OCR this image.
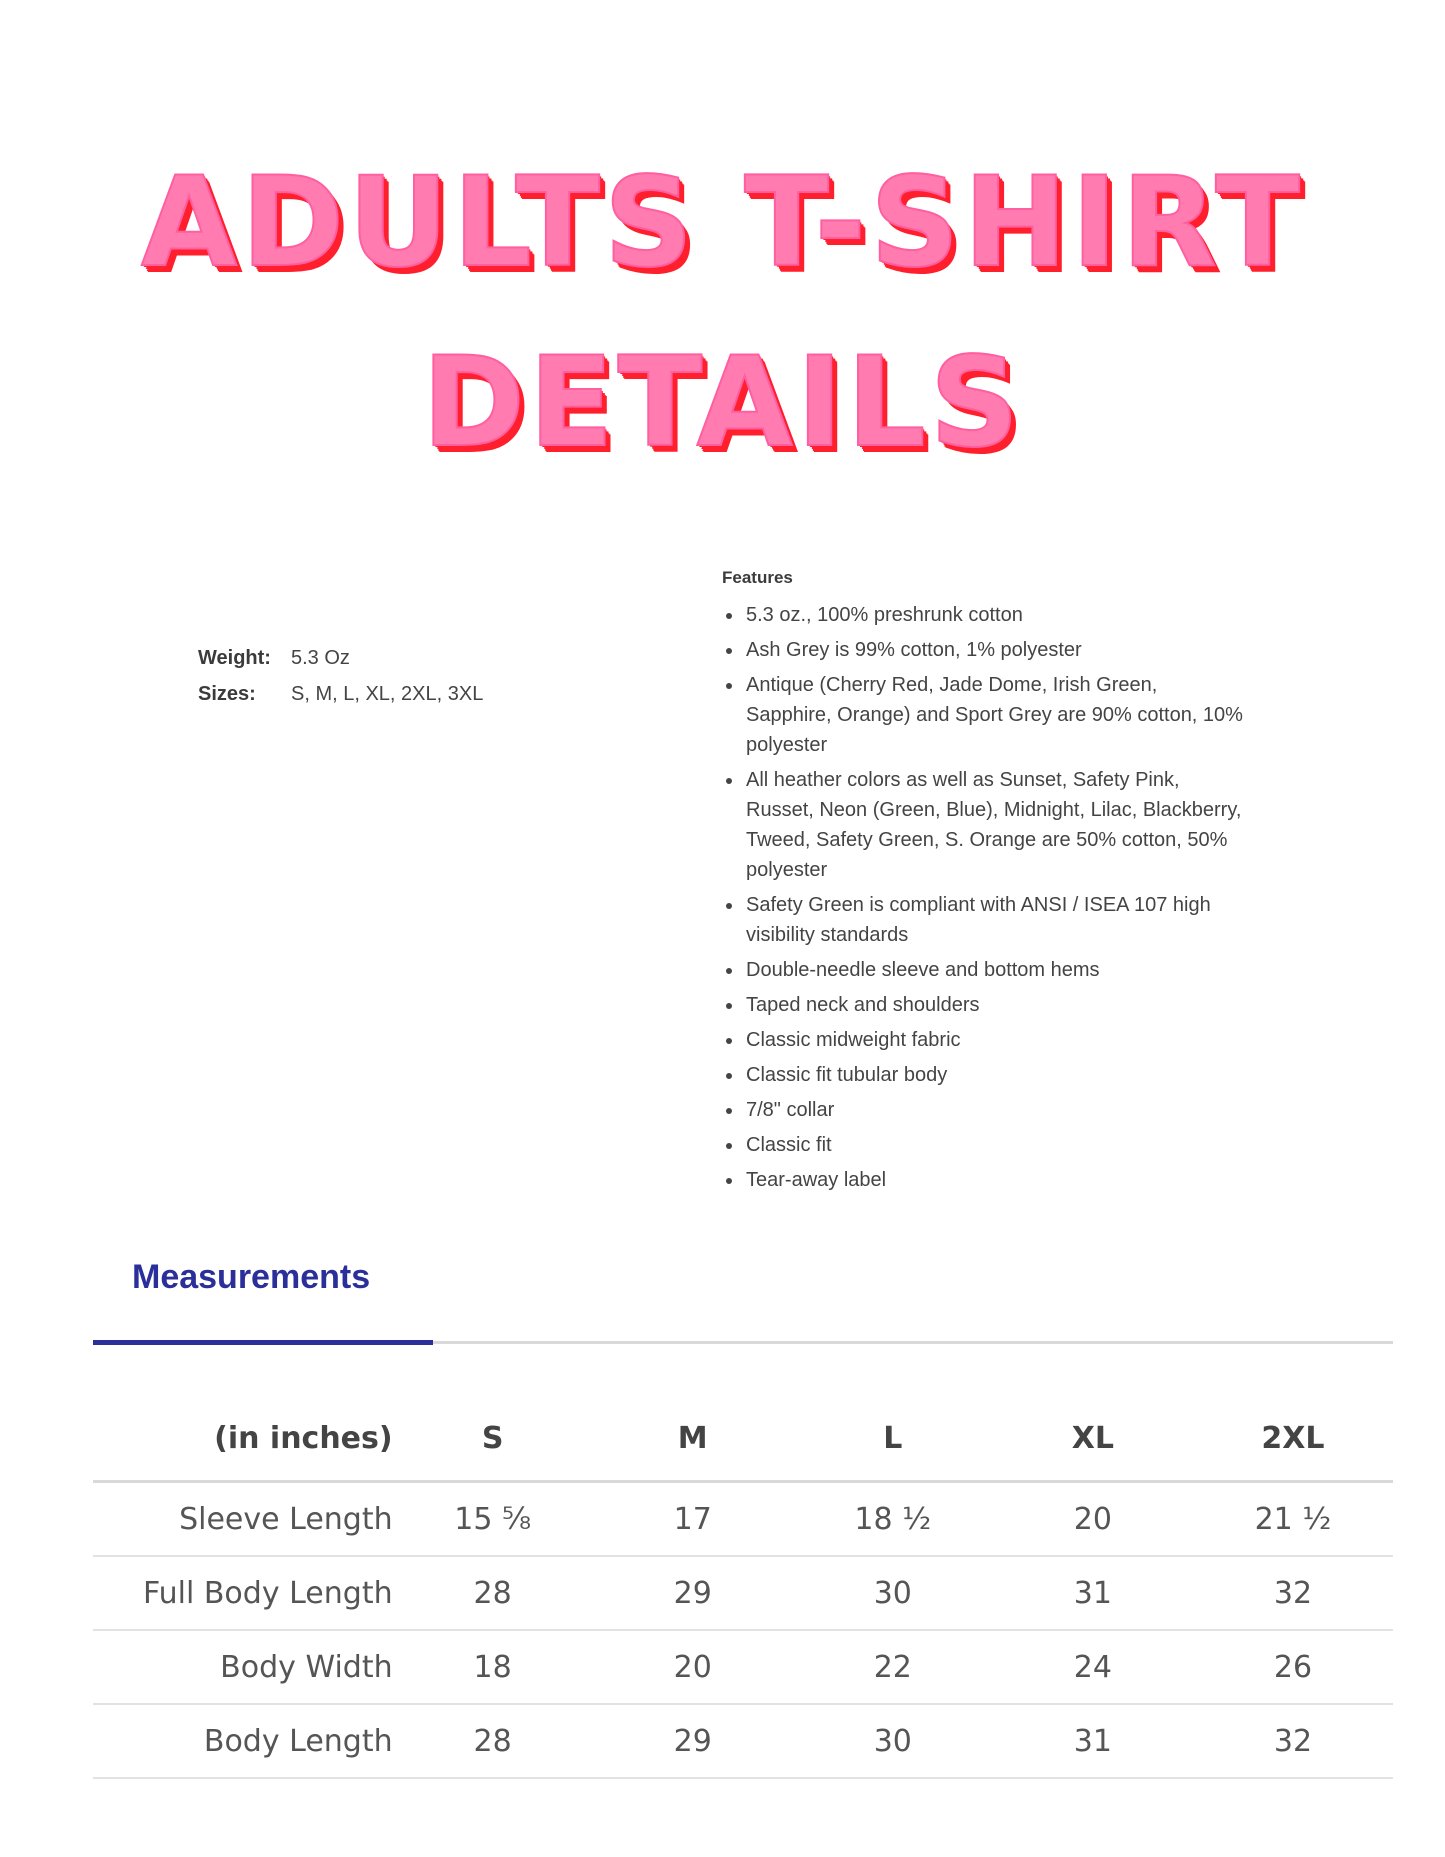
ADULTS T-SHIRT
DETAILS
Weight: 5.3 Oz
Sizes: S, M, L, XL, 2XL, 3XL
Features
• 5.3 oz., 100% preshrunk cotton
• Ash Grey is 99% cotton, 1% polyester
• Antique (Cherry Red, Jade Dome, Irish Green, Sapphire, Orange) and Sport Grey are 90% cotton, 10% polyester
• All heather colors as well as Sunset, Safety Pink, Russet, Neon (Green, Blue), Midnight, Lilac, Blackberry, Tweed, Safety Green, S. Orange are 50% cotton, 50% polyester
• Safety Green is compliant with ANSI / ISEA 107 high visibility standards
• Double-needle sleeve and bottom hems
• Taped neck and shoulders
• Classic midweight fabric
• Classic fit tubular body
• 7/8" collar
• Classic fit
• Tear-away label
Measurements
(in inches)	S	M	L	XL	2XL
Sleeve Length	15 ⅝	17	18 ½	20	21 ½
Full Body Length	28	29	30	31	32
Body Width	18	20	22	24	26
Body Length	28	29	30	31	32
